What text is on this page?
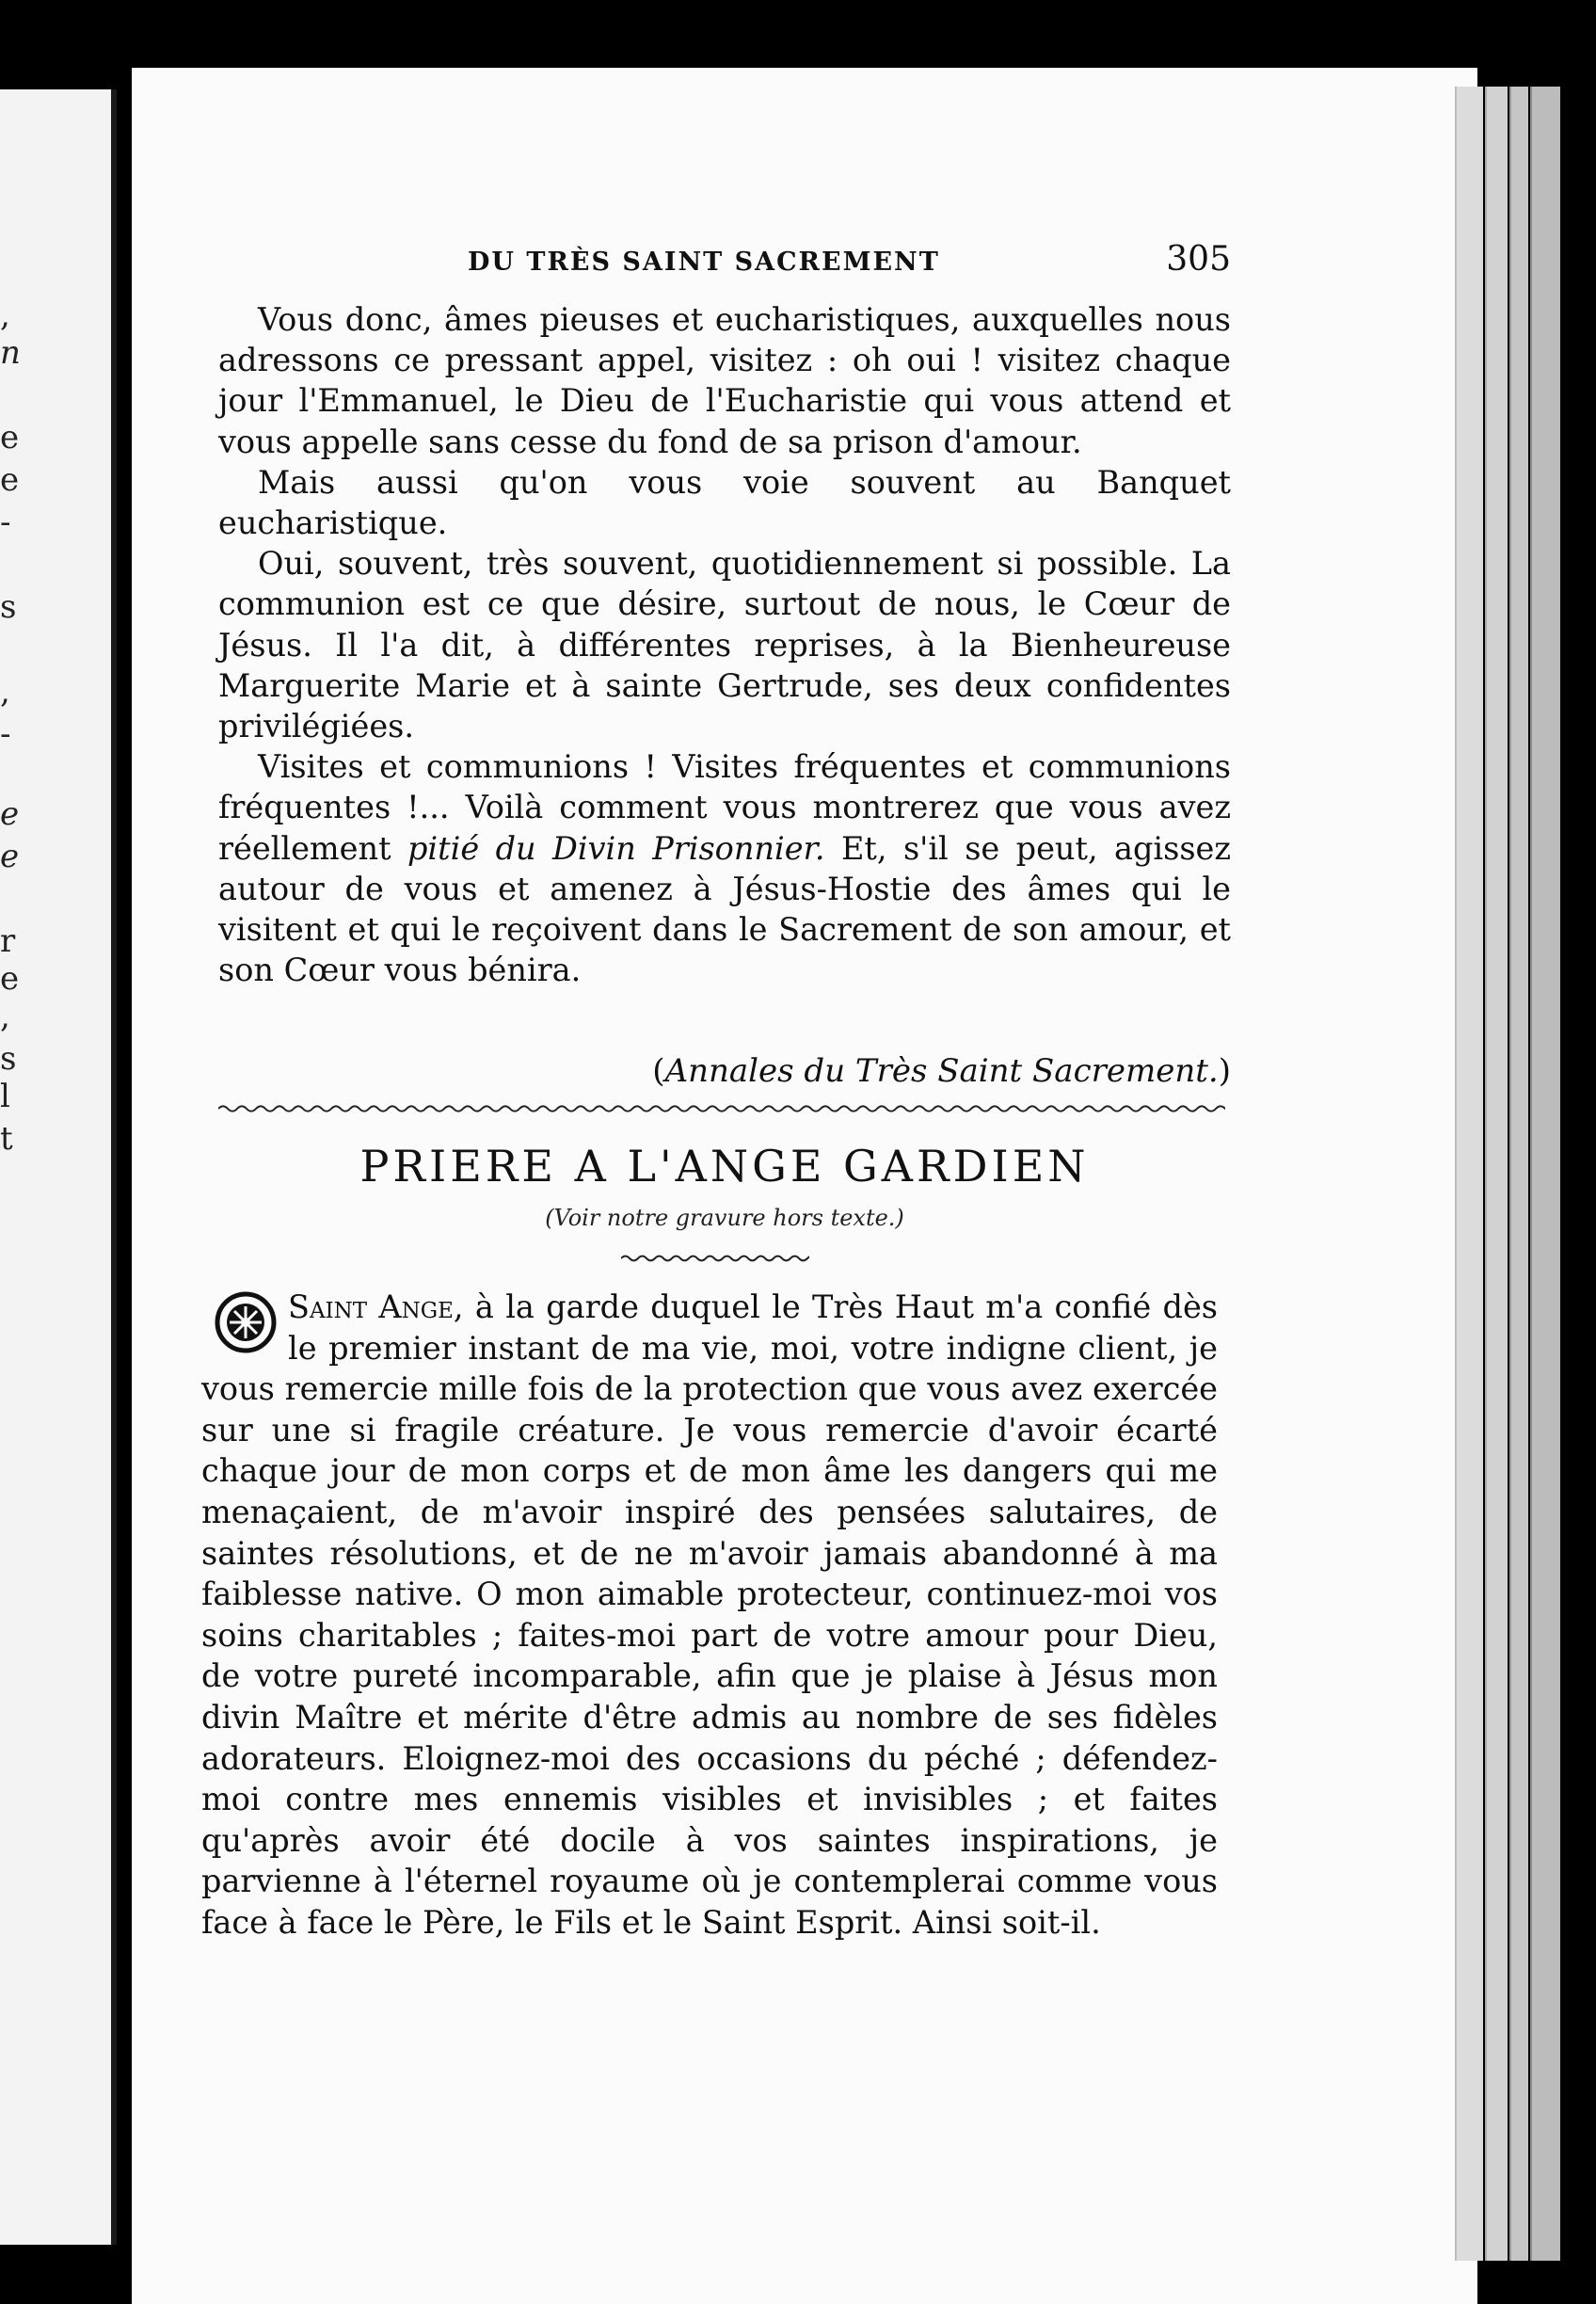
,
n
e
e
-
s
,
-
e
e
r
e
,
s
l
t
DU TRÈS SAINT SACREMENT	305

Vous donc, âmes pieuses et eucharistiques, auxquelles nous adressons ce pressant appel, visitez : oh oui ! visitez chaque jour l'Emmanuel, le Dieu de l'Eucharistie qui vous attend et vous appelle sans cesse du fond de sa prison d'amour.

Mais aussi qu'on vous voie souvent au Banquet eucharistique.

Oui, souvent, très souvent, quotidiennement si possible. La communion est ce que désire, surtout de nous, le Cœur de Jésus. Il l'a dit, à différentes reprises, à la Bienheureuse Marguerite Marie et à sainte Gertrude, ses deux confidentes privilégiées.

Visites et communions ! Visites fréquentes et communions fréquentes !... Voilà comment vous montrerez que vous avez réellement pitié du Divin Prisonnier. Et, s'il se peut, agissez autour de vous et amenez à Jésus-Hostie des âmes qui le visitent et qui le reçoivent dans le Sacrement de son amour, et son Cœur vous bénira.

(Annales du Très Saint Sacrement.)
PRIERE A L'ANGE GARDIEN
(Voir notre gravure hors texte.)

Saint Ange, à la garde duquel le Très Haut m'a confié dès le premier instant de ma vie, moi, votre indigne client, je vous remercie mille fois de la protection que vous avez exercée sur une si fragile créature. Je vous remercie d'avoir écarté chaque jour de mon corps et de mon âme les dangers qui me menaçaient, de m'avoir inspiré des pensées salutaires, de saintes résolutions, et de ne m'avoir jamais abandonné à ma faiblesse native. O mon aimable protecteur, continuez-moi vos soins charitables ; faites-moi part de votre amour pour Dieu, de votre pureté incomparable, afin que je plaise à Jésus mon divin Maître et mérite d'être admis au nombre de ses fidèles adorateurs. Eloignez-moi des occasions du péché ; défendez-moi contre mes ennemis visibles et invisibles ; et faites qu'après avoir été docile à vos saintes inspirations, je parvienne à l'éternel royaume où je contemplerai comme vous face à face le Père, le Fils et le Saint Esprit. Ainsi soit-il.
